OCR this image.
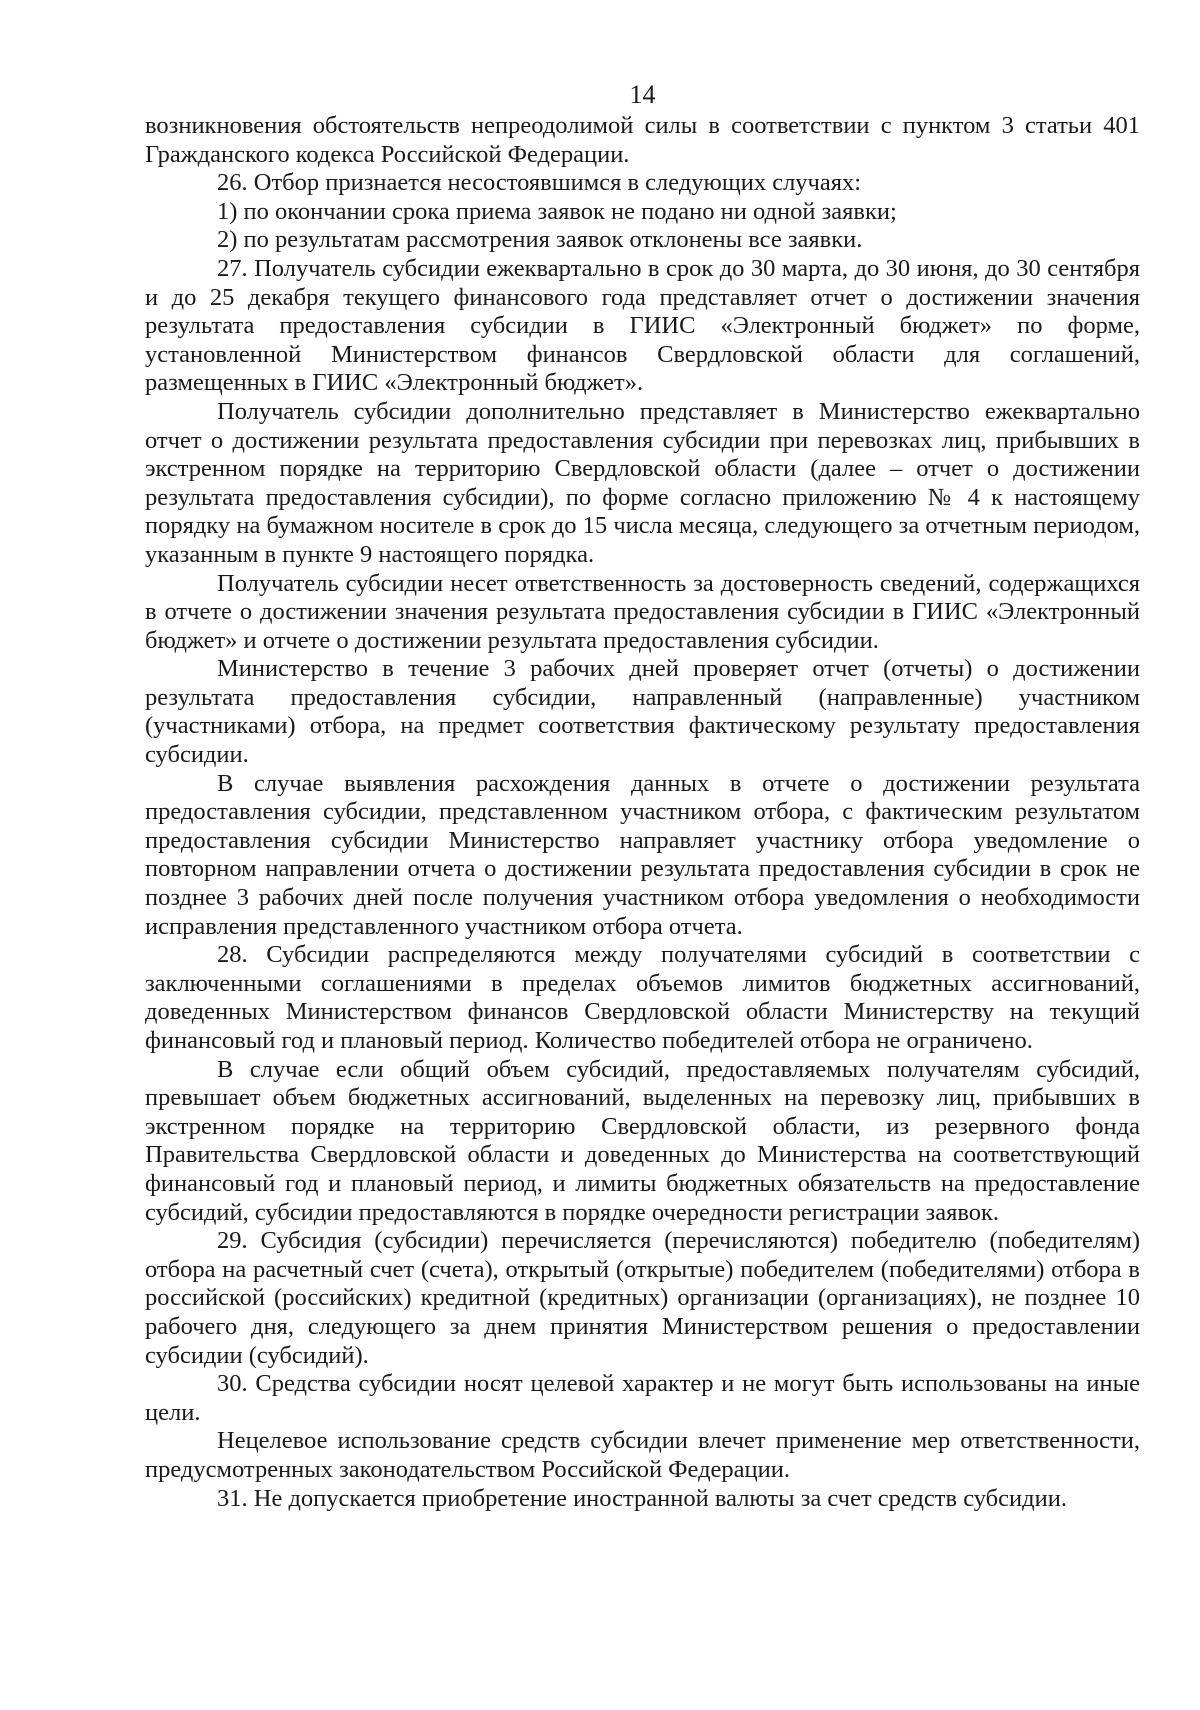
14

возникновения обстоятельств непреодолимой силы в соответствии с пунктом 3 статьи 401 Гражданского кодекса Российской Федерации.

26. Отбор признается несостоявшимся в следующих случаях:

1) по окончании срока приема заявок не подано ни одной заявки;

2) по результатам рассмотрения заявок отклонены все заявки.

27. Получатель субсидии ежеквартально в срок до 30 марта, до 30 июня, до 30 сентября и до 25 декабря текущего финансового года представляет отчет о достижении значения результата предоставления субсидии в ГИИС «Электронный бюджет» по форме, установленной Министерством финансов Свердловской области для соглашений, размещенных в ГИИС «Электронный бюджет».

Получатель субсидии дополнительно представляет в Министерство ежеквартально отчет о достижении результата предоставления субсидии при перевозках лиц, прибывших в экстренном порядке на территорию Свердловской области (далее – отчет о достижении результата предоставления субсидии), по форме согласно приложению № 4 к настоящему порядку на бумажном носителе в срок до 15 числа месяца, следующего за отчетным периодом, указанным в пункте 9 настоящего порядка.

Получатель субсидии несет ответственность за достоверность сведений, содержащихся в отчете о достижении значения результата предоставления субсидии в ГИИС «Электронный бюджет» и отчете о достижении результата предоставления субсидии.

Министерство в течение 3 рабочих дней проверяет отчет (отчеты) о достижении результата предоставления субсидии, направленный (направленные) участником (участниками) отбора, на предмет соответствия фактическому результату предоставления субсидии.

В случае выявления расхождения данных в отчете о достижении результата предоставления субсидии, представленном участником отбора, с фактическим результатом предоставления субсидии Министерство направляет участнику отбора уведомление о повторном направлении отчета о достижении результата предоставления субсидии в срок не позднее 3 рабочих дней после получения участником отбора уведомления о необходимости исправления представленного участником отбора отчета.

28. Субсидии распределяются между получателями субсидий в соответствии с заключенными соглашениями в пределах объемов лимитов бюджетных ассигнований, доведенных Министерством финансов Свердловской области Министерству на текущий финансовый год и плановый период. Количество победителей отбора не ограничено.

В случае если общий объем субсидий, предоставляемых получателям субсидий, превышает объем бюджетных ассигнований, выделенных на перевозку лиц, прибывших в экстренном порядке на территорию Свердловской области, из резервного фонда Правительства Свердловской области и доведенных до Министерства на соответствующий финансовый год и плановый период, и лимиты бюджетных обязательств на предоставление субсидий, субсидии предоставляются в порядке очередности регистрации заявок.

29. Субсидия (субсидии) перечисляется (перечисляются) победителю (победителям) отбора на расчетный счет (счета), открытый (открытые) победителем (победителями) отбора в российской (российских) кредитной (кредитных) организации (организациях), не позднее 10 рабочего дня, следующего за днем принятия Министерством решения о предоставлении субсидии (субсидий).

30. Средства субсидии носят целевой характер и не могут быть использованы на иные цели.

Нецелевое использование средств субсидии влечет применение мер ответственности, предусмотренных законодательством Российской Федерации.

31. Не допускается приобретение иностранной валюты за счет средств субсидии.
